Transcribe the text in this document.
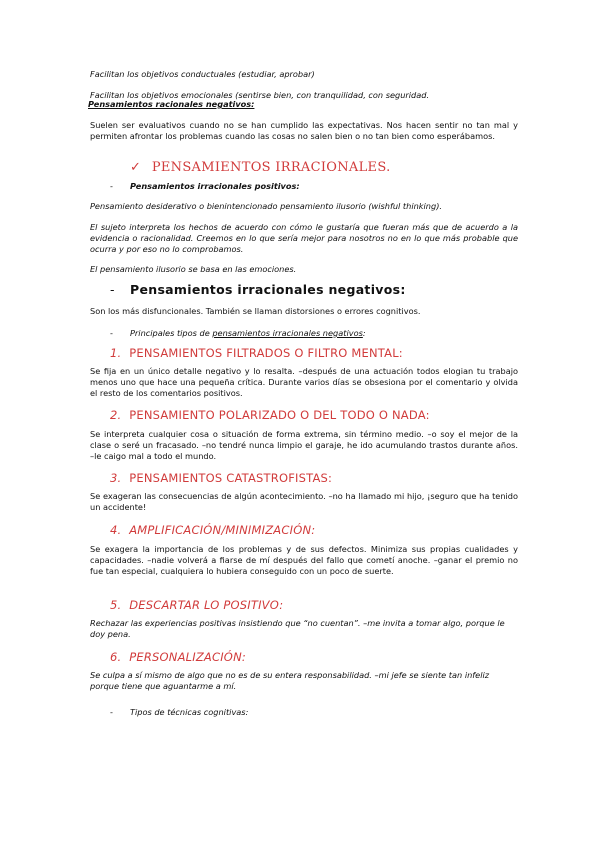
Facilitan los objetivos conductuales (estudiar, aprobar)
Facilitan los objetivos emocionales (sentirse bien, con tranquilidad, con seguridad.
Pensamientos racionales negativos:
Suelen ser evaluativos cuando no se han cumplido las expectativas. Nos hacen sentir no tan mal y permiten afrontar los problemas cuando las cosas no salen bien o no tan bien como esperábamos.
✓ PENSAMIENTOS IRRACIONALES.
- Pensamientos irracionales positivos:
Pensamiento desiderativo o bienintencionado pensamiento ilusorio (wishful thinking).
El sujeto interpreta los hechos de acuerdo con cómo le gustaría que fueran más que de acuerdo a la evidencia o racionalidad. Creemos en lo que sería mejor para nosotros no en lo que más probable que ocurra y por eso no lo comprobamos.
El pensamiento ilusorio se basa en las emociones.
- Pensamientos irracionales negativos:
Son los más disfuncionales. También se llaman distorsiones o errores cognitivos.
- Principales tipos de pensamientos irracionales negativos:
1. PENSAMIENTOS FILTRADOS O FILTRO MENTAL:
Se fija en un único detalle negativo y lo resalta. –después de una actuación todos elogian tu trabajo menos uno que hace una pequeña crítica. Durante varios días se obsesiona por el comentario y olvida el resto de los comentarios positivos.
2. PENSAMIENTO POLARIZADO O DEL TODO O NADA:
Se interpreta cualquier cosa o situación de forma extrema, sin término medio. –o soy el mejor de la clase o seré un fracasado. –no tendré nunca limpio el garaje, he ido acumulando trastos durante años. –le caigo mal a todo el mundo.
3. PENSAMIENTOS CATASTROFISTAS:
Se exageran las consecuencias de algún acontecimiento. –no ha llamado mi hijo, ¡seguro que ha tenido un accidente!
4. AMPLIFICACIÓN/MINIMIZACIÓN:
Se exagera la importancia de los problemas y de sus defectos. Minimiza sus propias cualidades y capacidades. –nadie volverá a fiarse de mí después del fallo que cometí anoche. –ganar el premio no fue tan especial, cualquiera lo hubiera conseguido con un poco de suerte.
5. DESCARTAR LO POSITIVO:
Rechazar las experiencias positivas insistiendo que “no cuentan”. –me invita a tomar algo, porque le doy pena.
6. PERSONALIZACIÓN:
Se culpa a sí mismo de algo que no es de su entera responsabilidad. –mi jefe se siente tan infeliz porque tiene que aguantarme a mí.
- Tipos de técnicas cognitivas:
